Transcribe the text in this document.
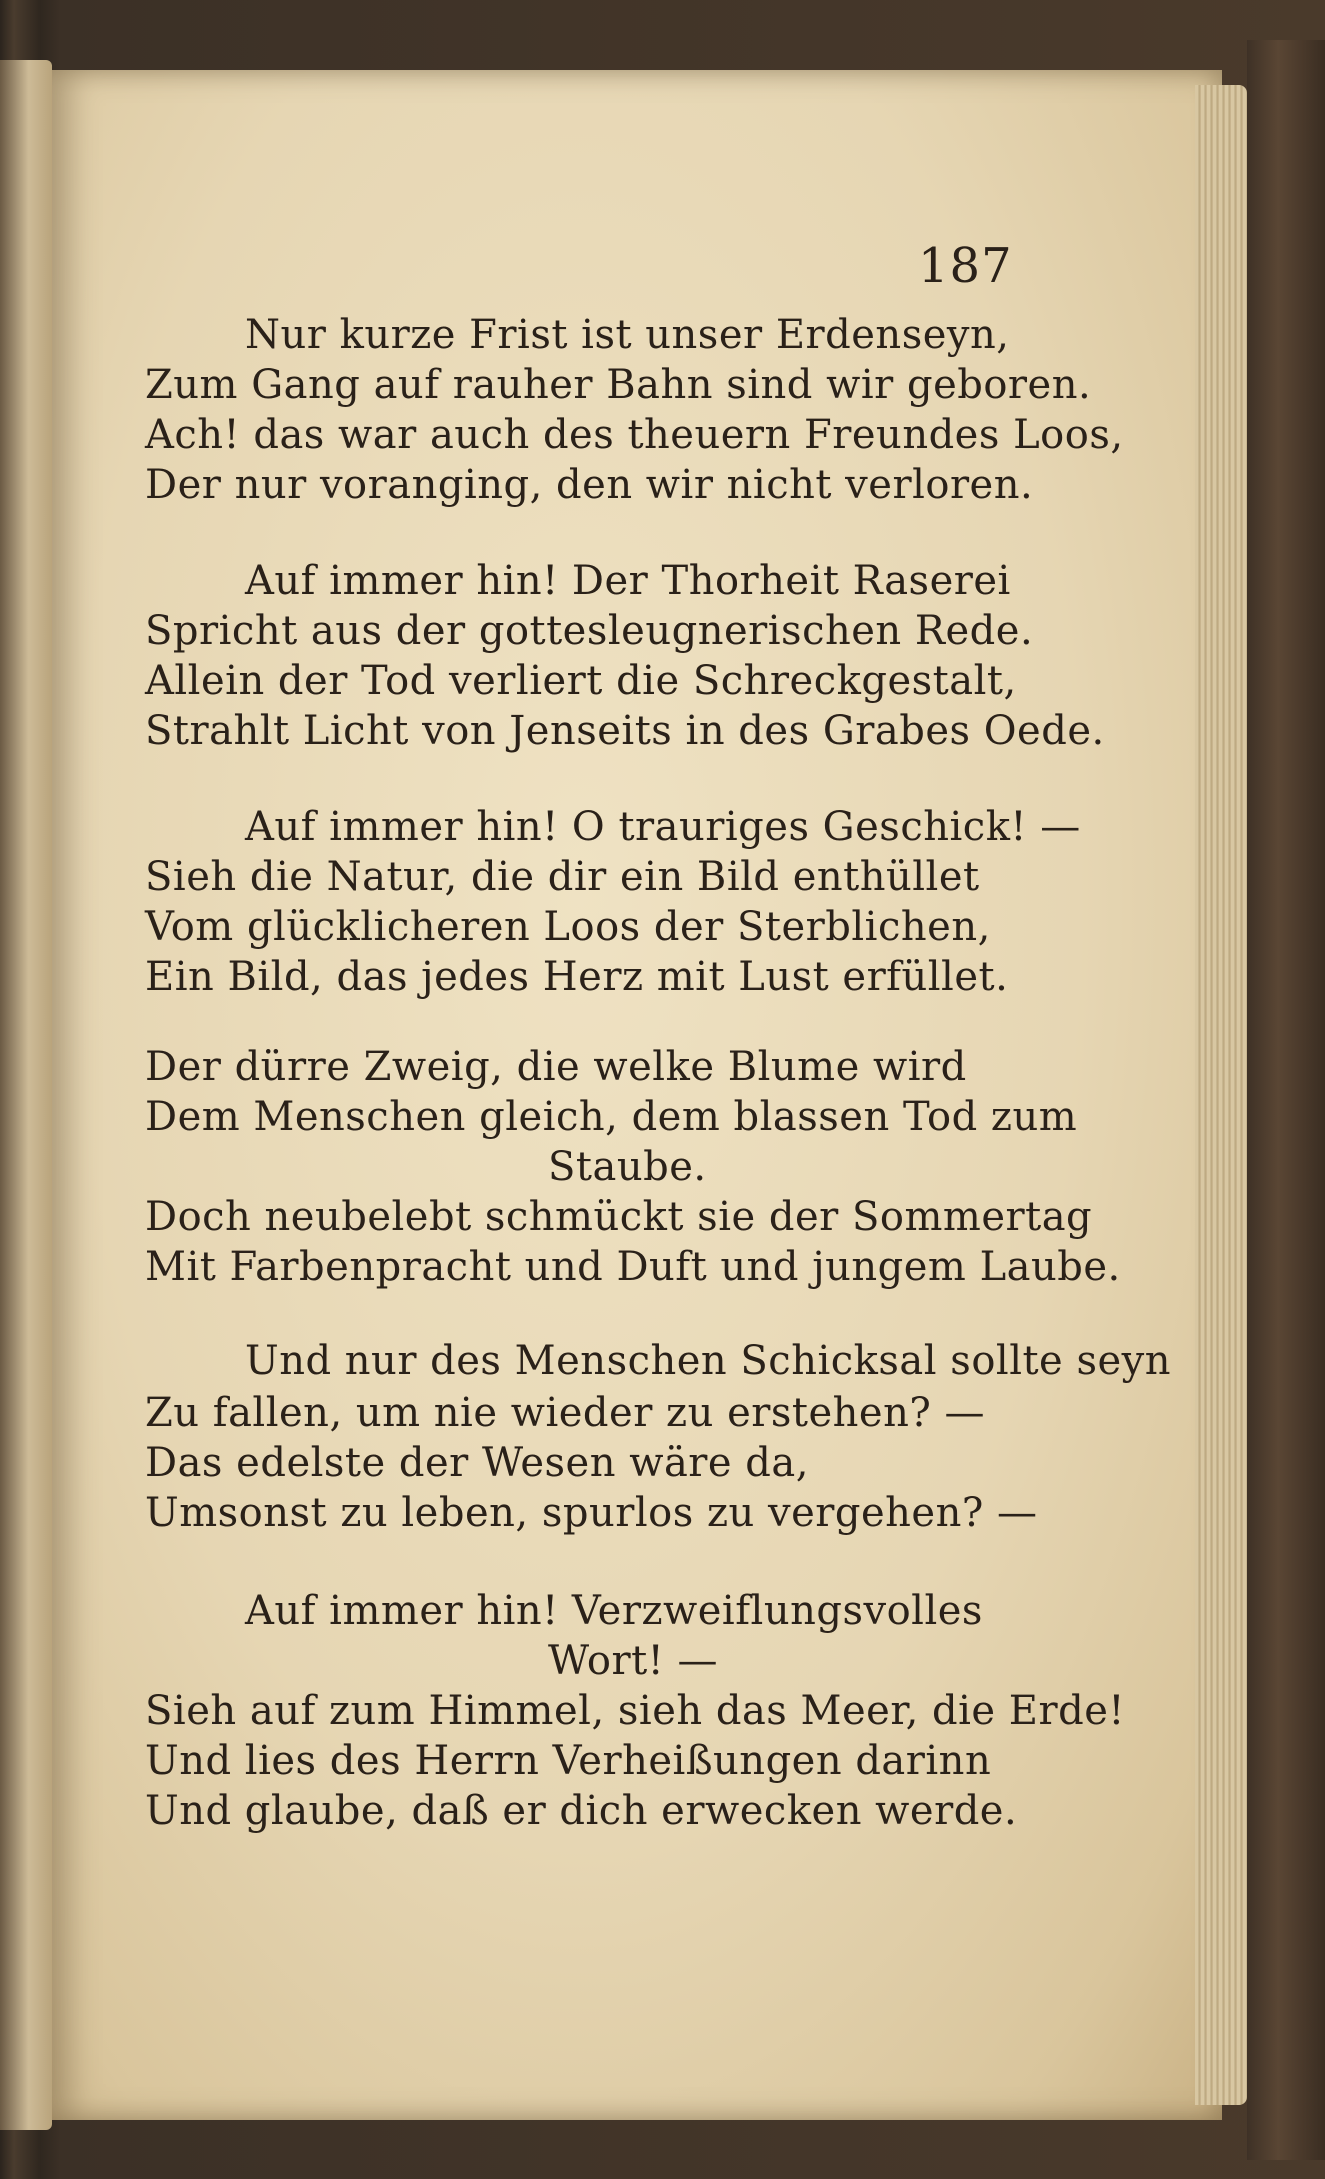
187
Nur kurze Frist ist unser Erdenseyn,
Zum Gang auf rauher Bahn sind wir geboren.
Ach! das war auch des theuern Freundes Loos,
Der nur voranging, den wir nicht verloren.
Auf immer hin! Der Thorheit Raserei
Spricht aus der gottesleugnerischen Rede.
Allein der Tod verliert die Schreckgestalt,
Strahlt Licht von Jenseits in des Grabes Oede.
Auf immer hin! O trauriges Geschick! —
Sieh die Natur, die dir ein Bild enthüllet
Vom glücklicheren Loos der Sterblichen,
Ein Bild, das jedes Herz mit Lust erfüllet.
Der dürre Zweig, die welke Blume wird
Dem Menschen gleich, dem blassen Tod zum
Staube.
Doch neubelebt schmückt sie der Sommertag
Mit Farbenpracht und Duft und jungem Laube.
Und nur des Menschen Schicksal sollte seyn
Zu fallen, um nie wieder zu erstehen? —
Das edelste der Wesen wäre da,
Umsonst zu leben, spurlos zu vergehen? —
Auf immer hin! Verzweiflungsvolles
Wort! —
Sieh auf zum Himmel, sieh das Meer, die Erde!
Und lies des Herrn Verheißungen darinn
Und glaube, daß er dich erwecken werde.
